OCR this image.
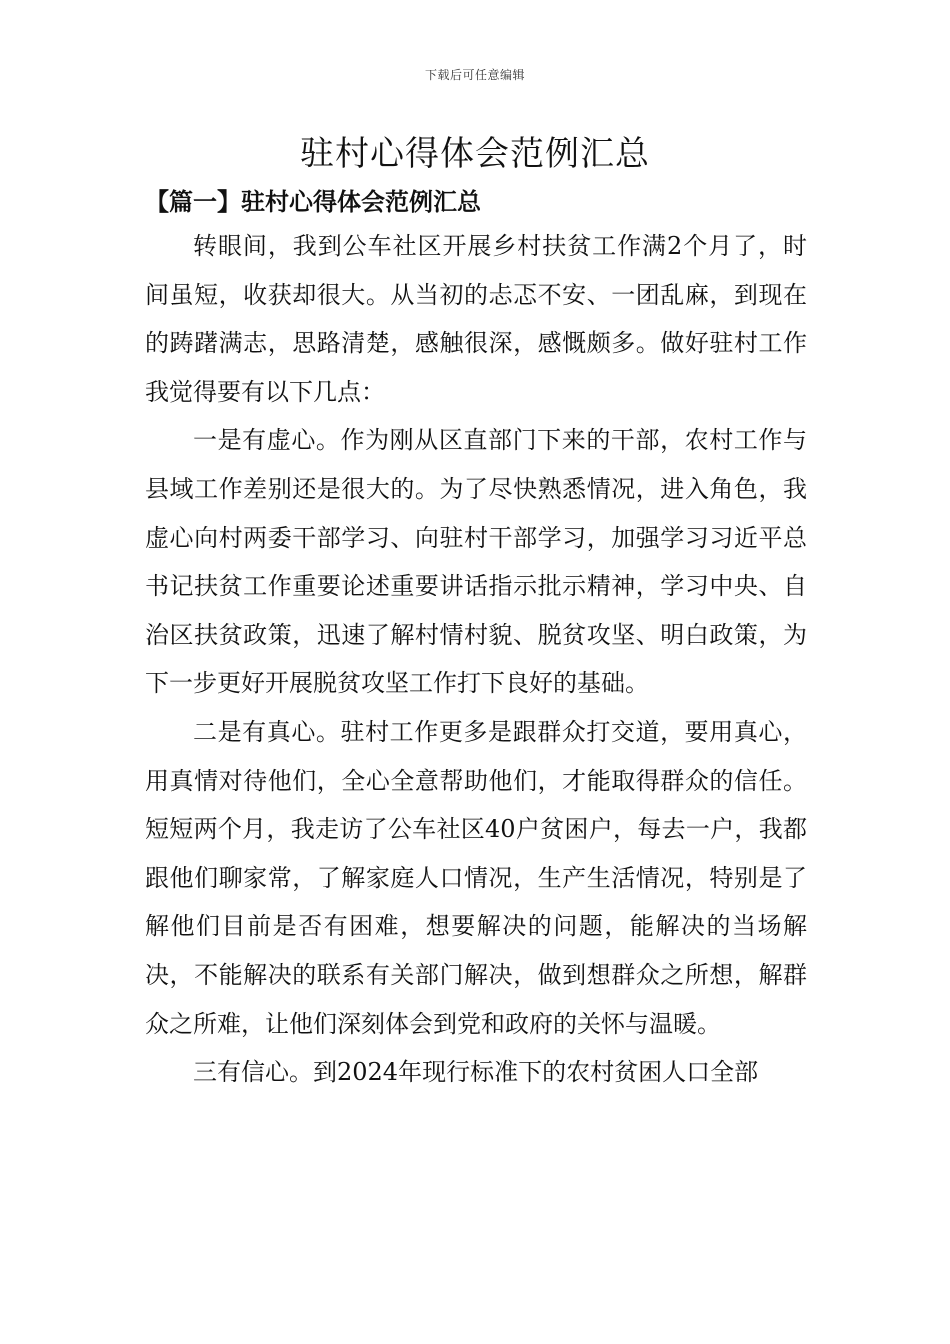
下载后可任意编辑
驻村心得体会范例汇总
【篇一】驻村心得体会范例汇总

转眼间，我到公车社区开展乡村扶贫工作满2个月了，时间虽短，收获却很大。从当初的忐忑不安、一团乱麻，到现在的踌躇满志，思路清楚，感触很深，感慨颇多。做好驻村工作我觉得要有以下几点：

一是有虚心。作为刚从区直部门下来的干部，农村工作与县域工作差别还是很大的。为了尽快熟悉情况，进入角色，我虚心向村两委干部学习、向驻村干部学习，加强学习习近平总书记扶贫工作重要论述重要讲话指示批示精神，学习中央、自治区扶贫政策，迅速了解村情村貌、脱贫攻坚、明白政策，为下一步更好开展脱贫攻坚工作打下良好的基础。

二是有真心。驻村工作更多是跟群众打交道，要用真心，用真情对待他们，全心全意帮助他们，才能取得群众的信任。短短两个月，我走访了公车社区40户贫困户，每去一户，我都跟他们聊家常，了解家庭人口情况，生产生活情况，特别是了解他们目前是否有困难，想要解决的问题，能解决的当场解决，不能解决的联系有关部门解决，做到想群众之所想，解群众之所难，让他们深刻体会到党和政府的关怀与温暖。

三有信心。到2024年现行标准下的农村贫困人口全部
